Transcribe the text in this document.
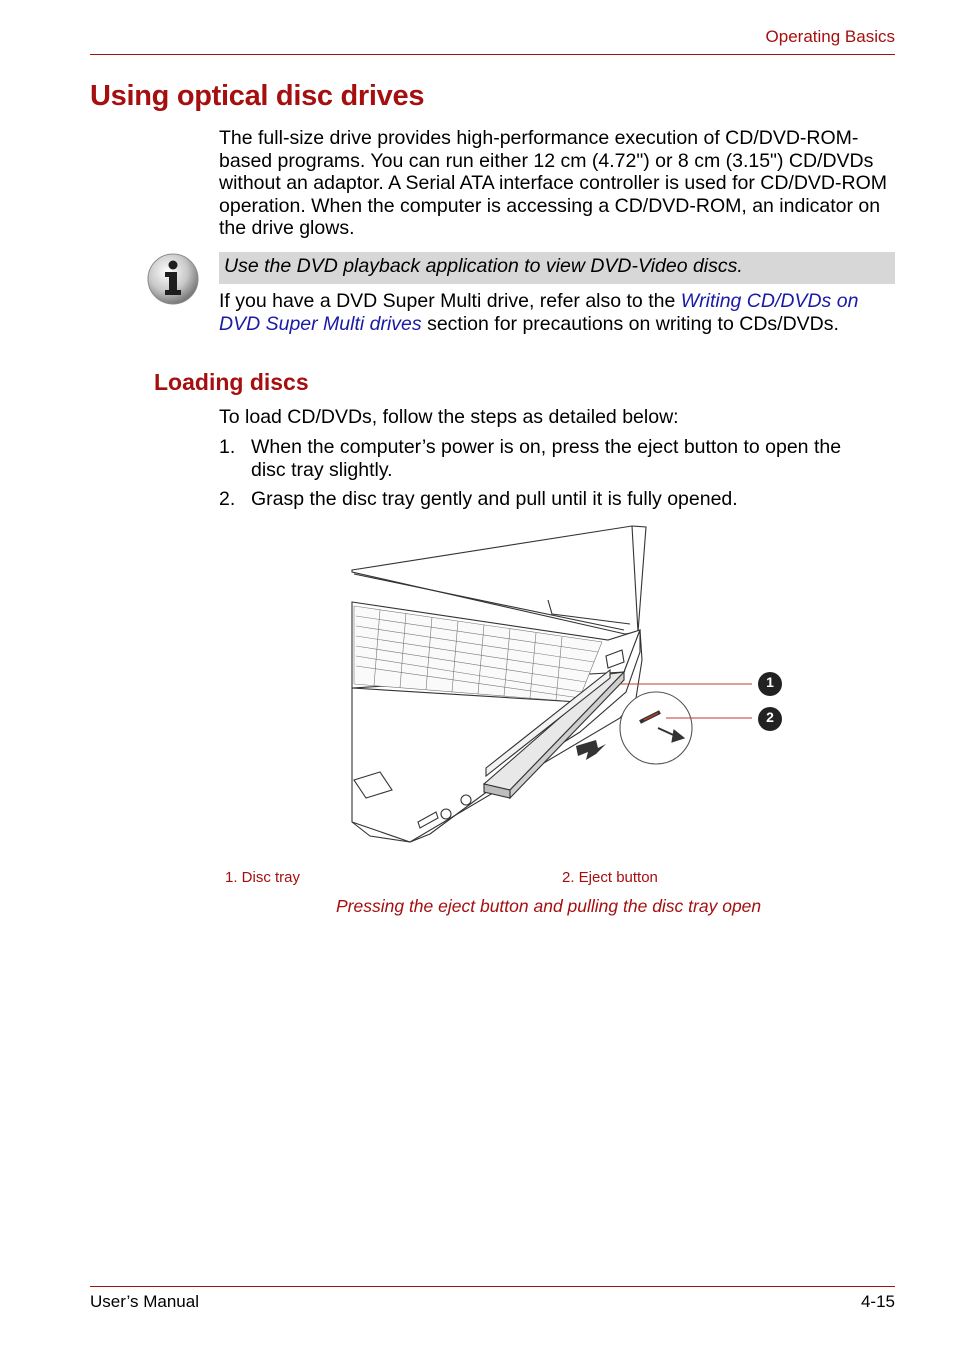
Operating Basics
Using optical disc drives
The full-size drive provides high-performance execution of CD/DVD-ROM-based programs. You can run either 12 cm (4.72") or 8 cm (3.15") CD/DVDs without an adaptor. A Serial ATA interface controller is used for CD/DVD-ROM operation. When the computer is accessing a CD/DVD-ROM, an indicator on the drive glows.
Use the DVD playback application to view DVD-Video discs.
If you have a DVD Super Multi drive, refer also to the Writing CD/DVDs on DVD Super Multi drives section for precautions on writing to CDs/DVDs.
Loading discs
To load CD/DVDs, follow the steps as detailed below:
1. When the computer’s power is on, press the eject button to open the disc tray slightly.
2. Grasp the disc tray gently and pull until it is fully opened.
1
2
1. Disc tray	2. Eject button
Pressing the eject button and pulling the disc tray open
User’s Manual	4-15
